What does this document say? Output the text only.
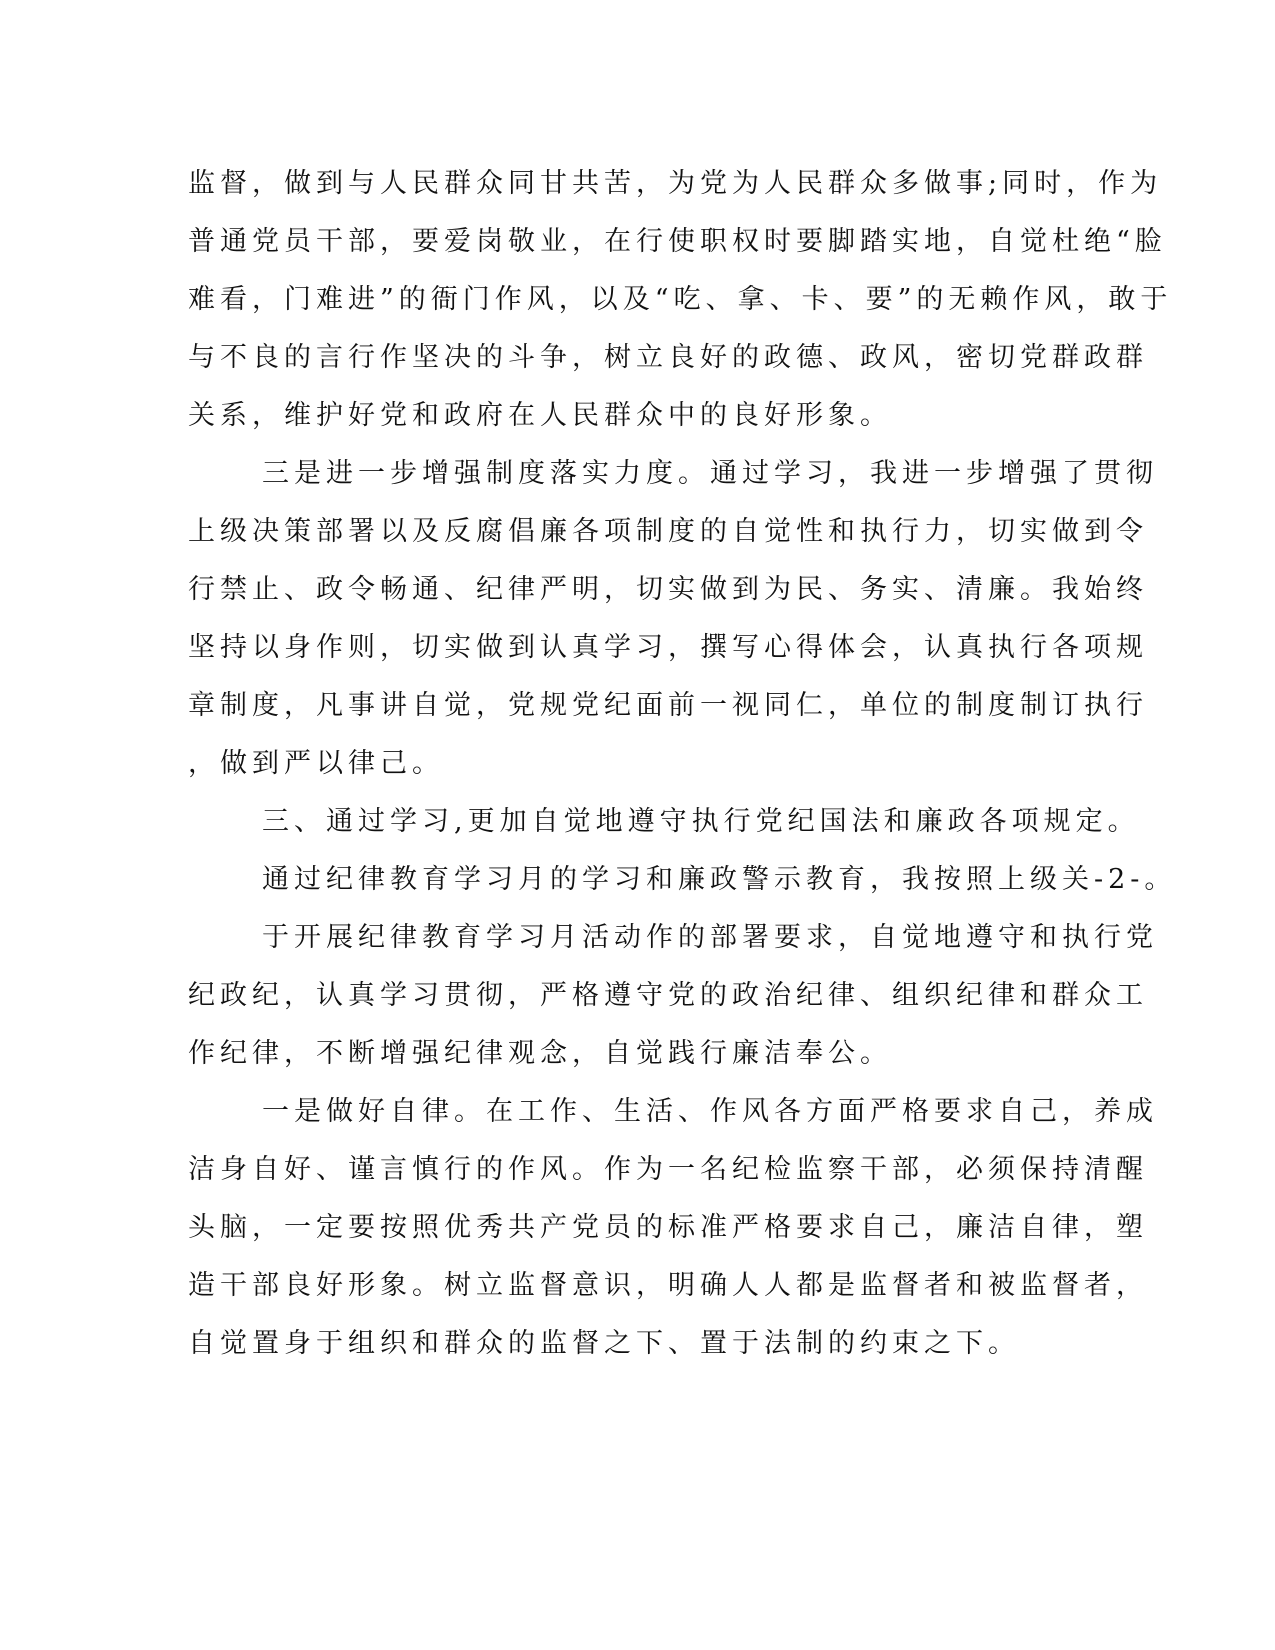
监督，做到与人民群众同甘共苦，为党为人民群众多做事;同时，作为
普通党员干部，要爱岗敬业，在行使职权时要脚踏实地，自觉杜绝“脸
难看，门难进”的衙门作风，以及“吃、拿、卡、要”的无赖作风，敢于
与不良的言行作坚决的斗争，树立良好的政德、政风，密切党群政群
关系，维护好党和政府在人民群众中的良好形象。
三是进一步增强制度落实力度。通过学习，我进一步增强了贯彻
上级决策部署以及反腐倡廉各项制度的自觉性和执行力，切实做到令
行禁止、政令畅通、纪律严明，切实做到为民、务实、清廉。我始终
坚持以身作则，切实做到认真学习，撰写心得体会，认真执行各项规
章制度，凡事讲自觉，党规党纪面前一视同仁，单位的制度制订执行
，做到严以律己。
三、通过学习,更加自觉地遵守执行党纪国法和廉政各项规定。
通过纪律教育学习月的学习和廉政警示教育，我按照上级关-2-。
于开展纪律教育学习月活动作的部署要求，自觉地遵守和执行党
纪政纪，认真学习贯彻，严格遵守党的政治纪律、组织纪律和群众工
作纪律，不断增强纪律观念，自觉践行廉洁奉公。
一是做好自律。在工作、生活、作风各方面严格要求自己，养成
洁身自好、谨言慎行的作风。作为一名纪检监察干部，必须保持清醒
头脑，一定要按照优秀共产党员的标准严格要求自己，廉洁自律，塑
造干部良好形象。树立监督意识，明确人人都是监督者和被监督者，
自觉置身于组织和群众的监督之下、置于法制的约束之下。
